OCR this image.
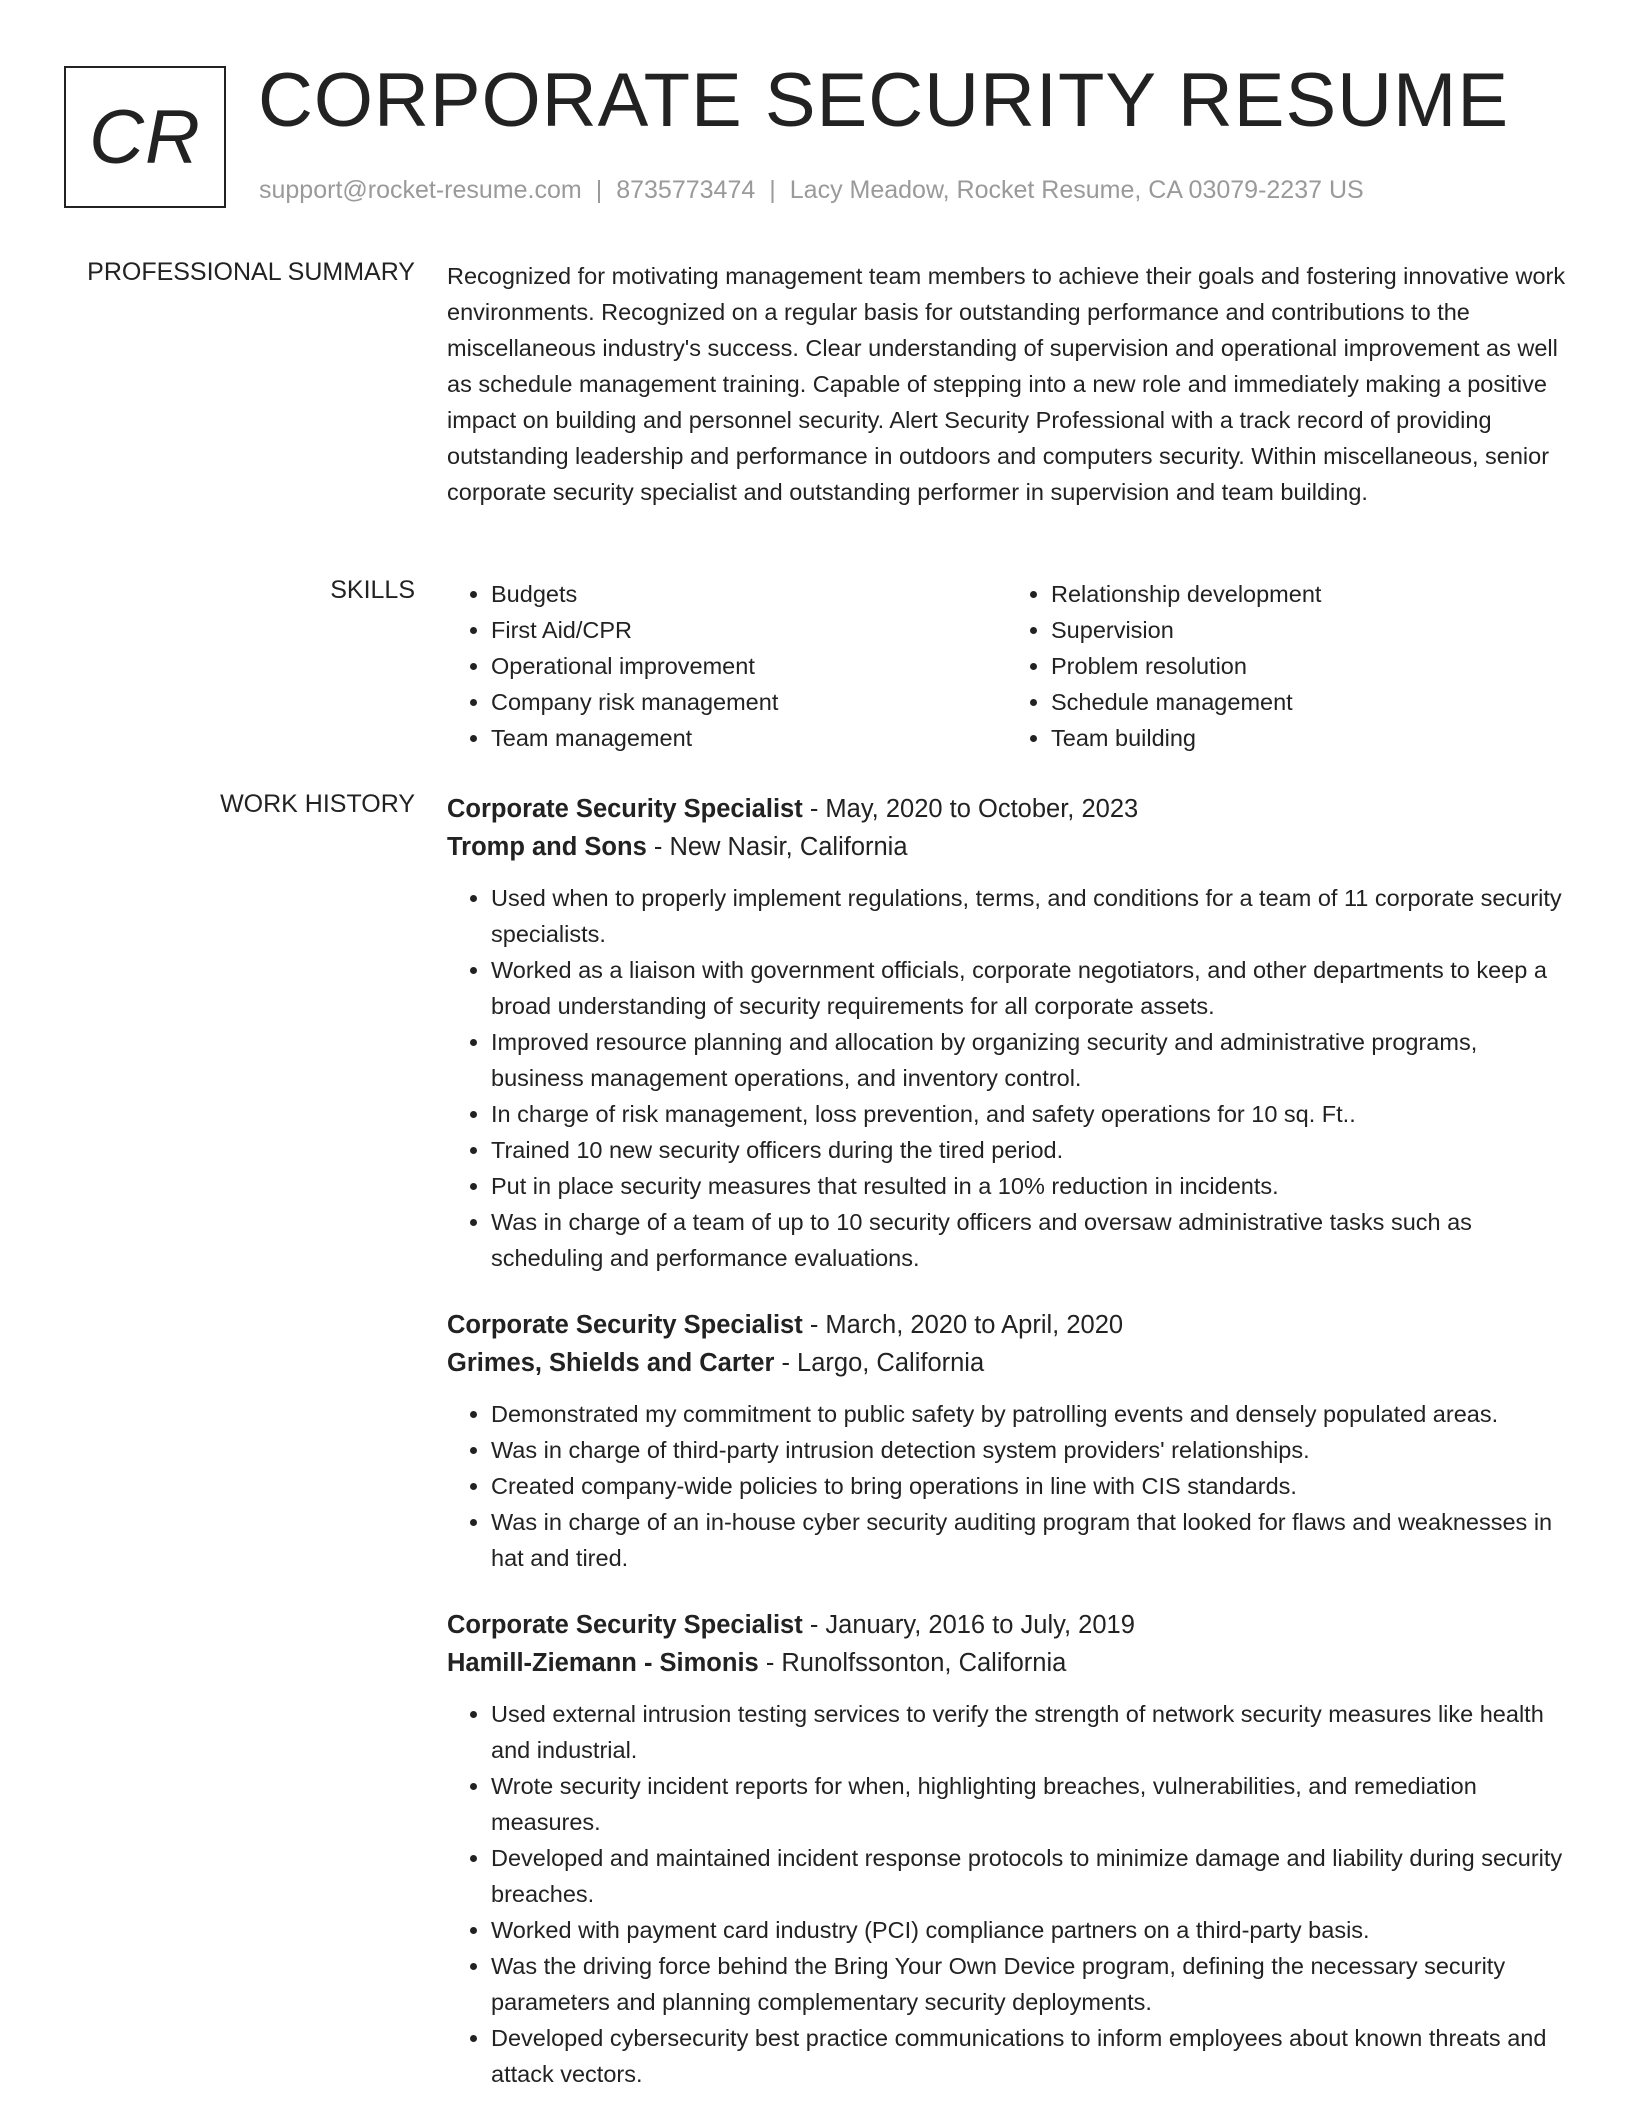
CR CORPORATE SECURITY RESUME
support@rocket-resume.com | 8735773474 | Lacy Meadow, Rocket Resume, CA 03079-2237 US
PROFESSIONAL SUMMARY Recognized for motivating management team members to achieve their goals and fostering innovative work environments. Recognized on a regular basis for outstanding performance and contributions to the miscellaneous industry's success. Clear understanding of supervision and operational improvement as well as schedule management training. Capable of stepping into a new role and immediately making a positive impact on building and personnel security. Alert Security Professional with a track record of providing outstanding leadership and performance in outdoors and computers security. Within miscellaneous, senior corporate security specialist and outstanding performer in supervision and team building.

SKILLS
•	Budgets
• First Aid/CPR
• Operational improvement
• Company risk management
• Team management
• Relationship development
• Supervision
• Problem resolution
• Schedule management
• Team building
WORK HISTORY Corporate Security Specialist - May, 2020 to October, 2023
Tromp and Sons - New Nasir, California
• Used when to properly implement regulations, terms, and conditions for a team of 11 corporate security specialists.
• Worked as a liaison with government officials, corporate negotiators, and other departments to keep a broad understanding of security requirements for all corporate assets.
• Improved resource planning and allocation by organizing security and administrative programs, business management operations, and inventory control.
• In charge of risk management, loss prevention, and safety operations for 10 sq. Ft..
• Trained 10 new security officers during the tired period.
• Put in place security measures that resulted in a 10% reduction in incidents.
• Was in charge of a team of up to 10 security officers and oversaw administrative tasks such as scheduling and performance evaluations.
Corporate Security Specialist - March, 2020 to April, 2020
Grimes, Shields and Carter - Largo, California
• Demonstrated my commitment to public safety by patrolling events and densely populated areas.
• Was in charge of third-party intrusion detection system providers' relationships.
• Created company-wide policies to bring operations in line with CIS standards.
• Was in charge of an in-house cyber security auditing program that looked for flaws and weaknesses in hat and tired.
Corporate Security Specialist - January, 2016 to July, 2019
Hamill-Ziemann - Simonis - Runolfssonton, California
• Used external intrusion testing services to verify the strength of network security measures like health and industrial.
• Wrote security incident reports for when, highlighting breaches, vulnerabilities, and remediation measures.
• Developed and maintained incident response protocols to minimize damage and liability during security breaches.
• Worked with payment card industry (PCI) compliance partners on a third-party basis.
• Was the driving force behind the Bring Your Own Device program, defining the necessary security parameters and planning complementary security deployments.
• Developed cybersecurity best practice communications to inform employees about known threats and attack vectors.
